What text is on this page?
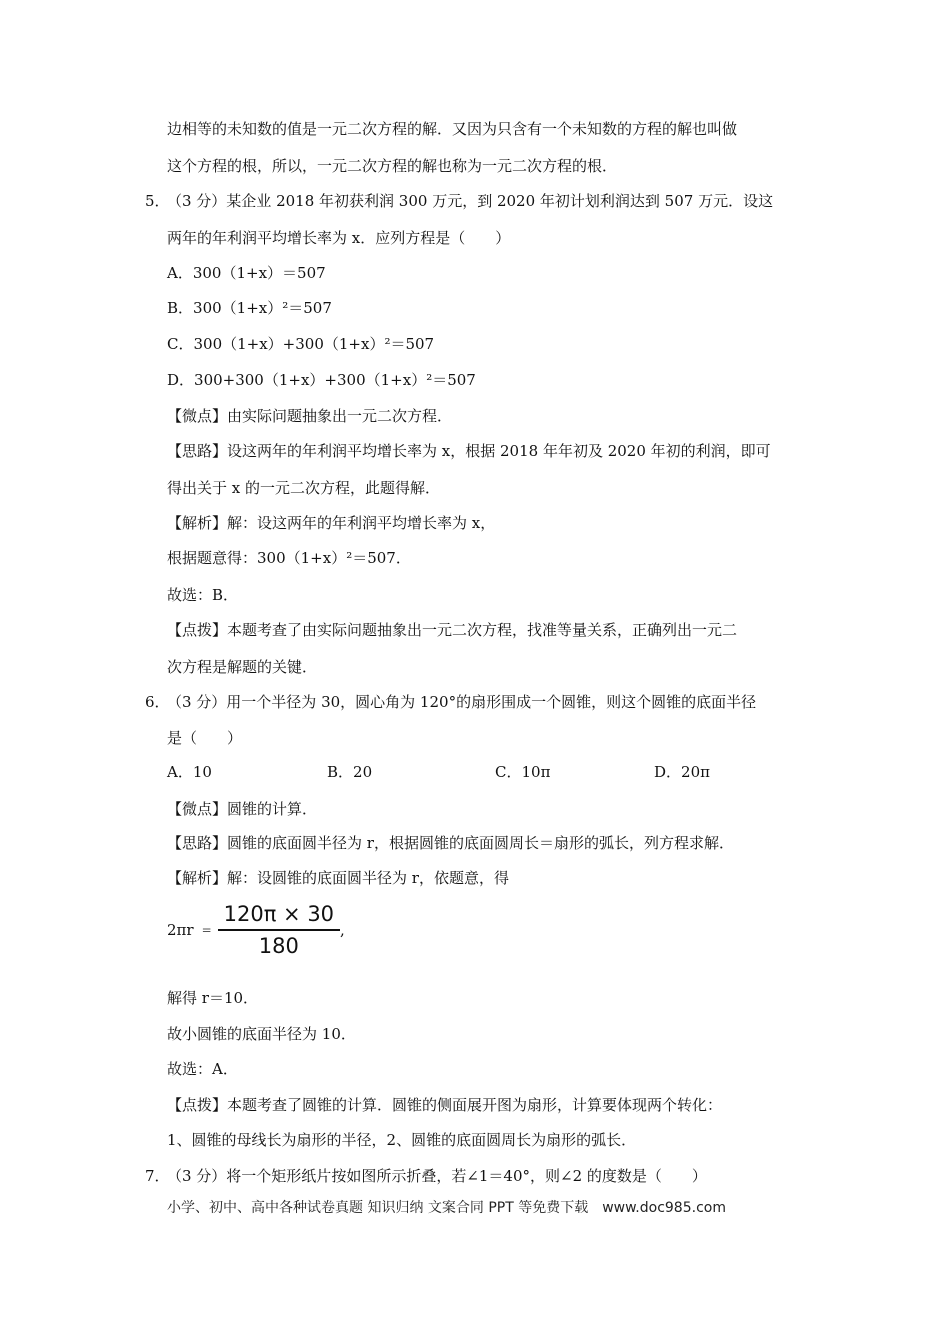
边相等的未知数的值是一元二次方程的解．又因为只含有一个未知数的方程的解也叫做
这个方程的根，所以，一元二次方程的解也称为一元二次方程的根．
5．
（3 分）某企业 2018 年初获利润 300 万元，到 2020 年初计划利润达到 507 万元．设这
两年的年利润平均增长率为 x．应列方程是（　　）
A．300（1+x）＝507
B．300（1+x）²＝507
C．300（1+x）+300（1+x）²＝507
D．300+300（1+x）+300（1+x）²＝507
【微点】由实际问题抽象出一元二次方程．
【思路】设这两年的年利润平均增长率为 x，根据 2018 年年初及 2020 年初的利润，即可
得出关于 x 的一元二次方程，此题得解．
【解析】解：设这两年的年利润平均增长率为 x，
根据题意得：300（1+x）²＝507．
故选：B．
【点拨】本题考查了由实际问题抽象出一元二次方程，找准等量关系，正确列出一元二
次方程是解题的关键．
6．
（3 分）用一个半径为 30，圆心角为 120°的扇形围成一个圆锥，则这个圆锥的底面半径
是（　　）
A．10	B．20	C．10π	D．20π
【微点】圆锥的计算．
【思路】圆锥的底面圆半径为 r，根据圆锥的底面圆周长＝扇形的弧长，列方程求解．
【解析】解：设圆锥的底面圆半径为 r，依题意，得
2πr =
120π × 30
180
,
解得 r＝10．
故小圆锥的底面半径为 10．
故选：A．
【点拨】本题考查了圆锥的计算．圆锥的侧面展开图为扇形，计算要体现两个转化：
1、圆锥的母线长为扇形的半径，2、圆锥的底面圆周长为扇形的弧长．
7．
（3 分）将一个矩形纸片按如图所示折叠，若∠1＝40°，则∠2 的度数是（　　）
小学、初中、高中各种试卷真题 知识归纳 文案合同 PPT 等免费下载　www.doc985.com
